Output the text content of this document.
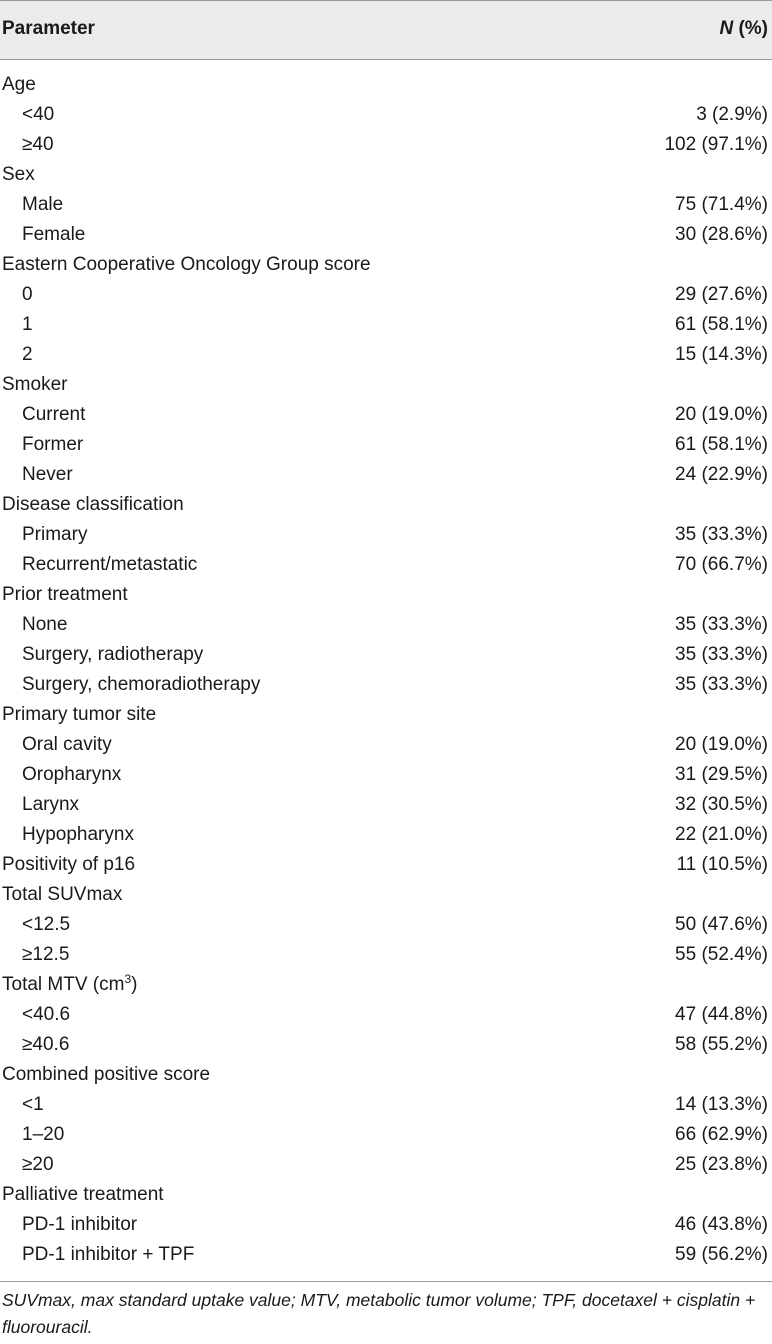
Parameter	N (%)
Age
<40	3 (2.9%)
≥40	102 (97.1%)
Sex
Male	75 (71.4%)
Female	30 (28.6%)
Eastern Cooperative Oncology Group score
0	29 (27.6%)
1	61 (58.1%)
2	15 (14.3%)
Smoker
Current	20 (19.0%)
Former	61 (58.1%)
Never	24 (22.9%)
Disease classification
Primary	35 (33.3%)
Recurrent/metastatic	70 (66.7%)
Prior treatment
None	35 (33.3%)
Surgery, radiotherapy	35 (33.3%)
Surgery, chemoradiotherapy	35 (33.3%)
Primary tumor site
Oral cavity	20 (19.0%)
Oropharynx	31 (29.5%)
Larynx	32 (30.5%)
Hypopharynx	22 (21.0%)
Positivity of p16	11 (10.5%)
Total SUVmax
<12.5	50 (47.6%)
≥12.5	55 (52.4%)
Total MTV $(cm^3)$
<40.6	47 (44.8%)
≥40.6	58 (55.2%)
Combined positive score
<1	14 (13.3%)
1–20	66 (62.9%)
≥20	25 (23.8%)
Palliative treatment
PD-1 inhibitor	46 (43.8%)
PD-1 inhibitor + TPF	59 (56.2%)
SUVmax, max standard uptake value; MTV, metabolic tumor volume; TPF, docetaxel + cisplatin + fluorouracil.
